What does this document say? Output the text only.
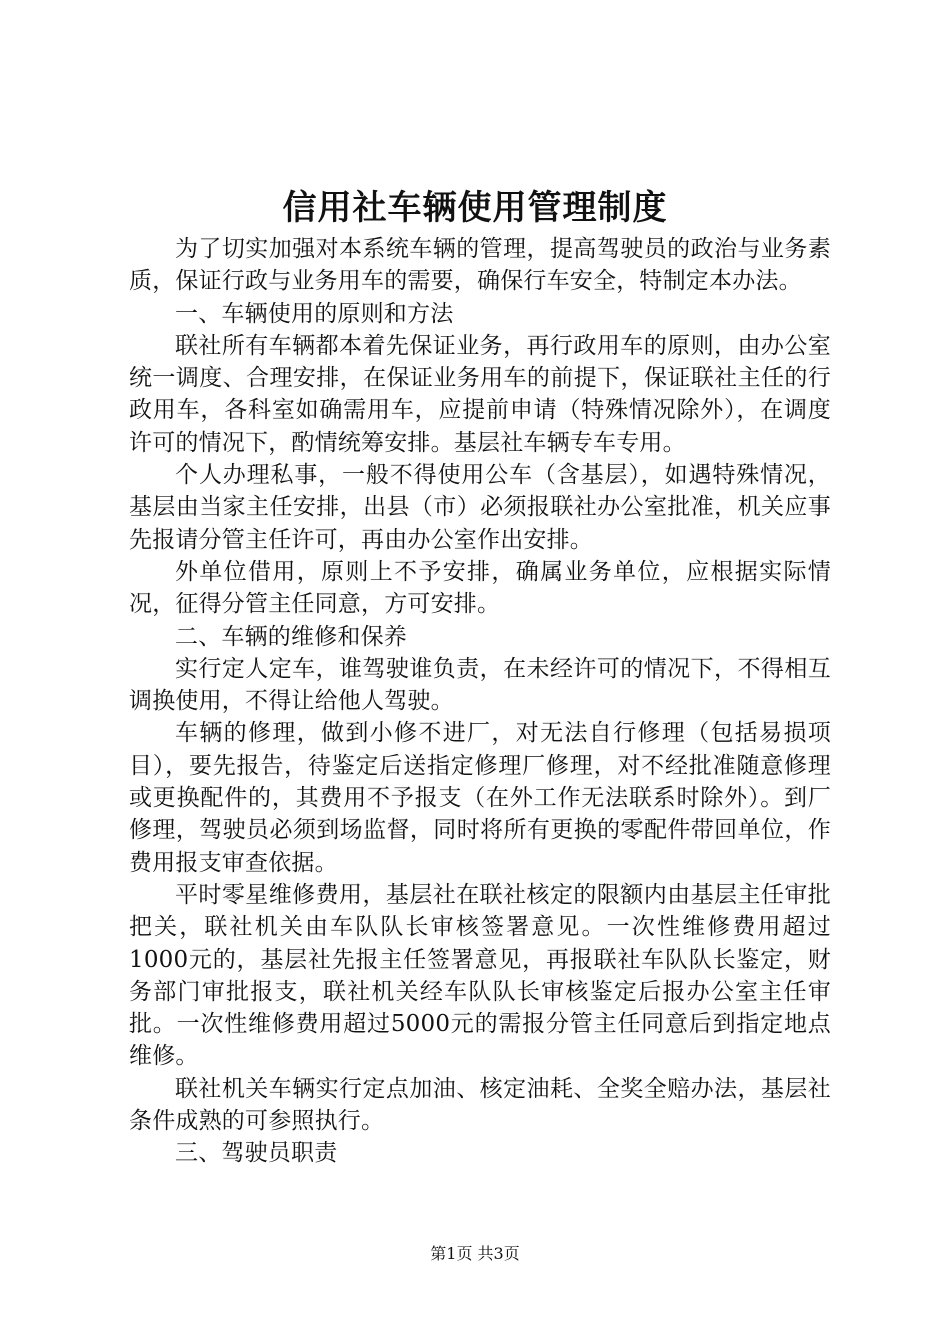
信用社车辆使用管理制度

为了切实加强对本系统车辆的管理，提高驾驶员的政治与业务素质，保证行政与业务用车的需要，确保行车安全，特制定本办法。

一、车辆使用的原则和方法

联社所有车辆都本着先保证业务，再行政用车的原则，由办公室统一调度、合理安排，在保证业务用车的前提下，保证联社主任的行政用车，各科室如确需用车，应提前申请（特殊情况除外），在调度许可的情况下，酌情统筹安排。基层社车辆专车专用。

个人办理私事，一般不得使用公车（含基层），如遇特殊情况，基层由当家主任安排，出县（市）必须报联社办公室批准，机关应事先报请分管主任许可，再由办公室作出安排。

外单位借用，原则上不予安排，确属业务单位，应根据实际情况，征得分管主任同意，方可安排。

二、车辆的维修和保养

实行定人定车，谁驾驶谁负责，在未经许可的情况下，不得相互调换使用，不得让给他人驾驶。

车辆的修理，做到小修不进厂，对无法自行修理（包括易损项目），要先报告，待鉴定后送指定修理厂修理，对不经批准随意修理或更换配件的，其费用不予报支（在外工作无法联系时除外）。到厂修理，驾驶员必须到场监督，同时将所有更换的零配件带回单位，作费用报支审查依据。

平时零星维修费用，基层社在联社核定的限额内由基层主任审批把关，联社机关由车队队长审核签署意见。一次性维修费用超过1000元的，基层社先报主任签署意见，再报联社车队队长鉴定，财务部门审批报支，联社机关经车队队长审核鉴定后报办公室主任审批。一次性维修费用超过5000元的需报分管主任同意后到指定地点维修。

联社机关车辆实行定点加油、核定油耗、全奖全赔办法，基层社条件成熟的可参照执行。

三、驾驶员职责

第1页 共3页
